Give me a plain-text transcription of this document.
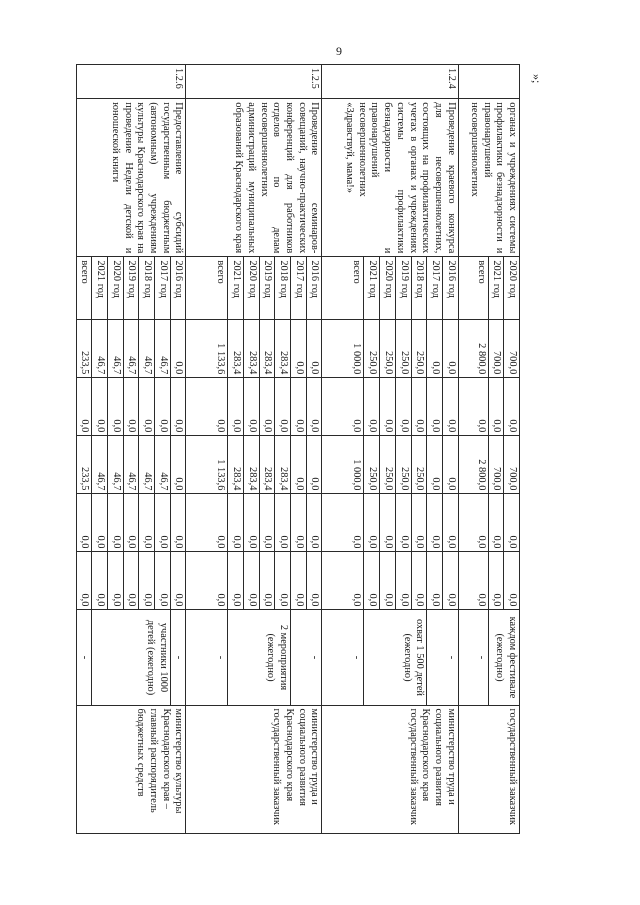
9
»;
	органах и учреждениях системы профилактики безнадзорности и правонарушений несовершеннолетних	2020 год	700,0	0,0	700,0	0,0	0,0	каждом фестивале (ежегодно)	государственный заказчик
		2021 год	700,0	0,0	700,0	0,0	0,0		
		всего	2 800,0	0,0	2 800,0	0,0	0,0	-	
1.2.4	Проведение краевого конкурса для несовершеннолетних, состоящих на профилактических учетах в органах и учреждениях системы профилактики безнадзорности и правонарушений несовершеннолетних «Здравствуй, мама!»	2016 год	0,0	0,0	0,0	0,0	0,0	-	министерство труда и социального развития Краснодарского края государственный заказчик
		2017 год	0,0	0,0	0,0	0,0	0,0		
		2018 год	250,0	0,0	250,0	0,0	0,0	охват 1 500 детей (ежегодно)	
		2019 год	250,0	0,0	250,0	0,0	0,0		
		2020 год	250,0	0,0	250,0	0,0	0,0		
		2021 год	250,0	0,0	250,0	0,0	0,0		
		всего	1 000,0	0,0	1 000,0	0,0	0,0	-	
1.2.5	Проведение семинаров-совещаний, научно-практических конференций для работников отделов по делам несовершеннолетних администраций муниципальных образований Краснодарского края	2016 год	0,0	0,0	0,0	0,0	0,0	-	министерство труда и социального развития Краснодарского края государственный заказчик
		2017 год	0,0	0,0	0,0	0,0	0,0		
		2018 год	283,4	0,0	283,4	0,0	0,0	2 мероприятия (ежегодно)	
		2019 год	283,4	0,0	283,4	0,0	0,0		
		2020 год	283,4	0,0	283,4	0,0	0,0		
		2021 год	283,4	0,0	283,4	0,0	0,0		
		всего	1 133,6	0,0	1 133,6	0,0	0,0	-	
1.2.6	Предоставление субсидий государственным бюджетным (автономным) учреждениям культуры Краснодарского края на проведение Недели детской и юношеской книги	2016 год	0,0	0,0	0,0	0,0	0,0	-	министерство культуры Краснодарского края – главный распорядитель бюджетных средств
		2017 год	46,7	0,0	46,7	0,0	0,0	участники 1000 детей (ежегодно)	
		2018 год	46,7	0,0	46,7	0,0	0,0		
		2019 год	46,7	0,0	46,7	0,0	0,0		
		2020 год	46,7	0,0	46,7	0,0	0,0		
		2021 год	46,7	0,0	46,7	0,0	0,0		
		всего	233,5	0,0	233,5	0,0	0,0	-	
